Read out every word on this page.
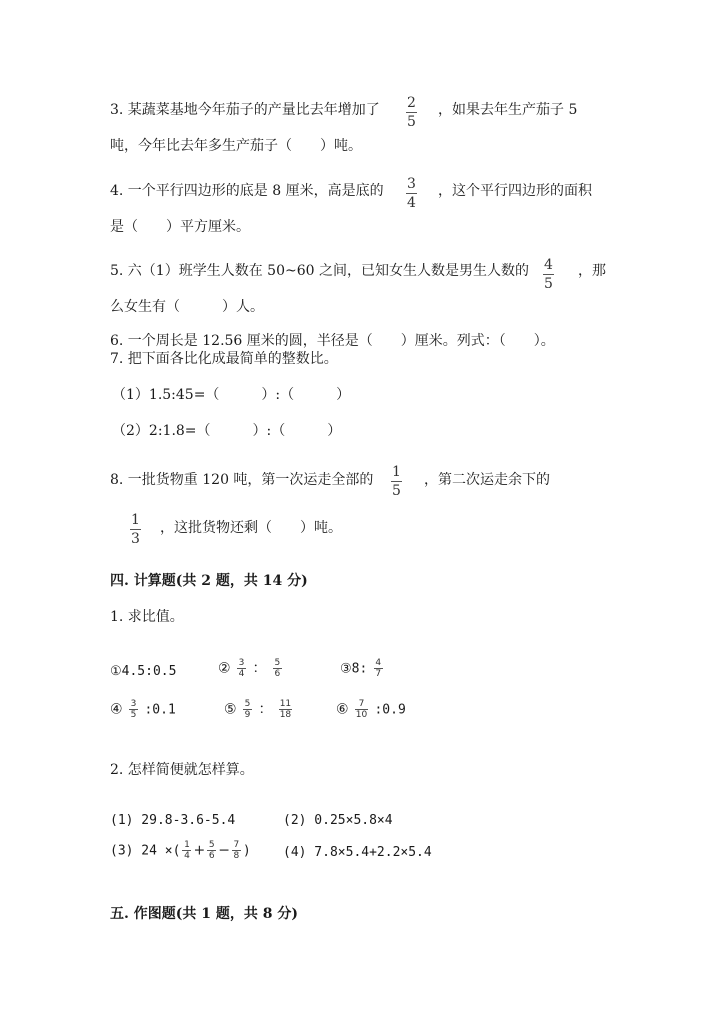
3. 某蔬菜基地今年茄子的产量比去年增加了 2
5
，如果去年生产茄子 5
吨，今年比去年多生产茄子（　　）吨。
4. 一个平行四边形的底是 8 厘米，高是底的 3
4
，这个平行四边形的面积
是（　　）平方厘米。
5. 六（1）班学生人数在 50~60 之间，已知女生人数是男生人数的 4
5
，那
么女生有（　　　）人。
6. 一个周长是 12.56 厘米的圆，半径是（　　）厘米。列式：（　　）。
7. 把下面各比化成最简单的整数比。
（1）1.5:45=（　　　）:（　　　）
（2）2:1.8=（　　　）:（　　　）
8. 一批货物重 120 吨，第一次运走全部的 1
5
，第二次运走余下的
1
3
，这批货物还剩（　　）吨。
四. 计算题(共 2 题，共 14 分)
1. 求比值。
①4.5:0.5	② $\frac{3}{4}$ ： $\frac{5}{6}$	③8: $\frac{4}{7}$
④ $\frac{3}{5}$ :0.1	⑤ $\frac{5}{9}$ ： $\frac{11}{18}$	⑥ $\frac{7}{10}$ :0.9
2. 怎样简便就怎样算。
(1) 29.8-3.6-5.4	(2) 0.25×5.8×4
(3) 24 ×( $\frac{1}{4} + \frac{5}{6} - \frac{7}{8}$ ) (4) 7.8×5.4+2.2×5.4
五. 作图题(共 1 题，共 8 分)
